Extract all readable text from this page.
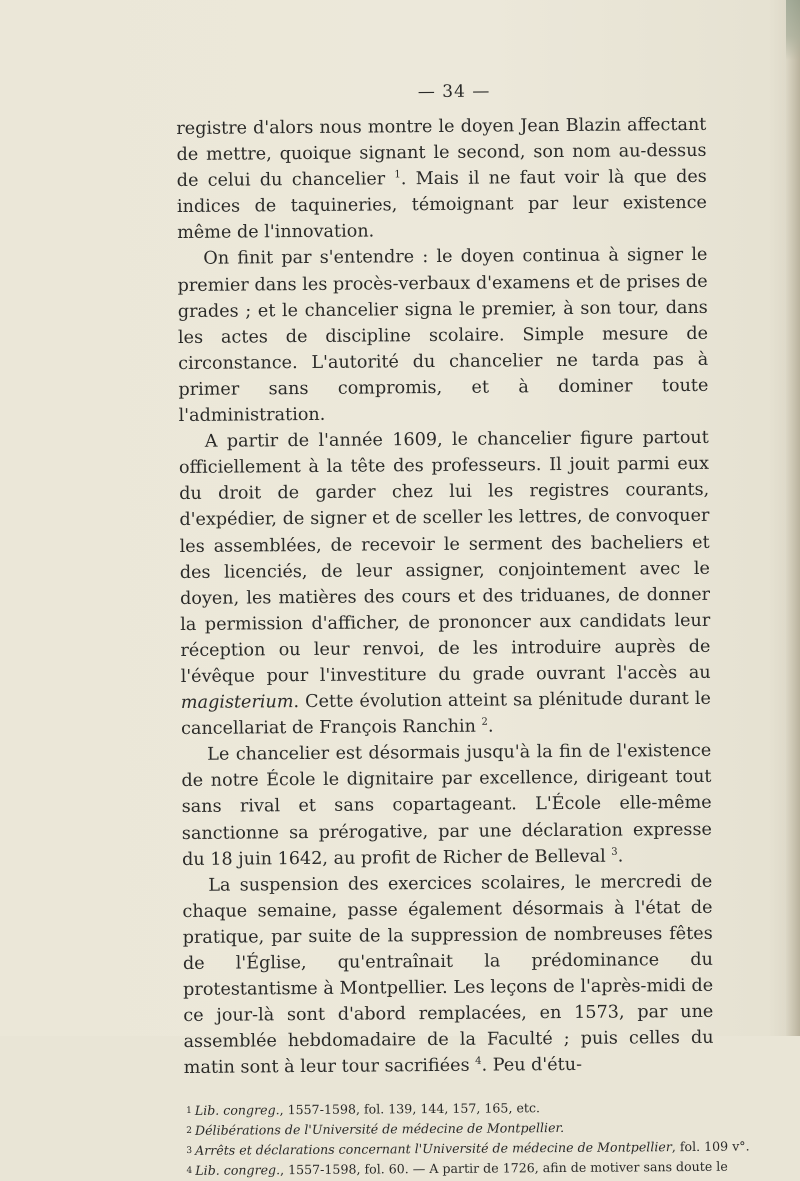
— 34 —

registre d'alors nous montre le doyen Jean Blazin affectant de mettre, quoique signant le second, son nom au-dessus de celui du chancelier $^1$. Mais il ne faut voir là que des indices de taquineries, témoignant par leur existence même de l'innovation.

On finit par s'entendre : le doyen continua à signer le premier dans les procès-verbaux d'examens et de prises de grades ; et le chancelier signa le premier, à son tour, dans les actes de discipline scolaire. Simple mesure de circonstance. L'autorité du chancelier ne tarda pas à primer sans compromis, et à dominer toute l'administration.

A partir de l'année 1609, le chancelier figure partout officiellement à la tête des professeurs. Il jouit parmi eux du droit de garder chez lui les registres courants, d'expédier, de signer et de sceller les lettres, de convoquer les assemblées, de recevoir le serment des bacheliers et des licenciés, de leur assigner, conjointement avec le doyen, les matières des cours et des triduanes, de donner la permission d'afficher, de prononcer aux candidats leur réception ou leur renvoi, de les introduire auprès de l'évêque pour l'investiture du grade ouvrant l'accès au magisterium. Cette évolution atteint sa plénitude durant le cancellariat de François Ranchin $^2$.

Le chancelier est désormais jusqu'à la fin de l'existence de notre École le dignitaire par excellence, dirigeant tout sans rival et sans copartageant. L'École elle-même sanctionne sa prérogative, par une déclaration expresse du 18 juin 1642, au profit de Richer de Belleval $^3$.

La suspension des exercices scolaires, le mercredi de chaque semaine, passe également désormais à l'état de pratique, par suite de la suppression de nombreuses fêtes de l'Église, qu'entraînait la prédominance du protestantisme à Montpellier. Les leçons de l'après-midi de ce jour-là sont d'abord remplacées, en 1573, par une assemblée hebdomadaire de la Faculté ; puis celles du matin sont à leur tour sacrifiées $^4$. Peu d'étu-

1 Lib. congreg., 1557-1598, fol. 139, 144, 157, 165, etc.

2 Délibérations de l'Université de médecine de Montpellier.

3 Arrêts et déclarations concernant l'Université de médecine de Montpellier, fol. 109 v°.

4 Lib. congreg., 1557-1598, fol. 60. — A partir de 1726, afin de motiver sans doute le
